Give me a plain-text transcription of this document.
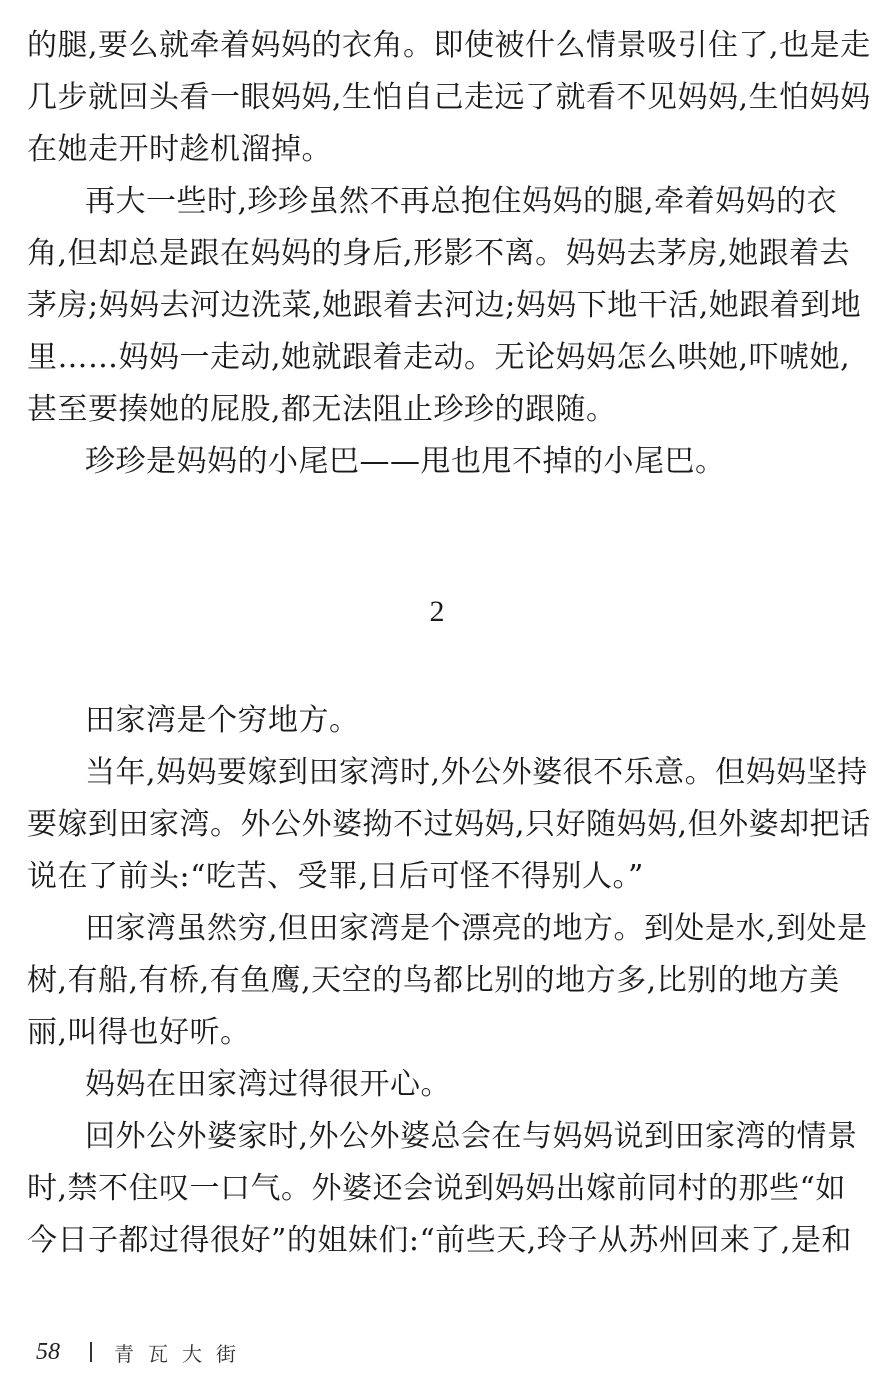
的腿,要么就牵着妈妈的衣角。即使被什么情景吸引住了,也是走
几步就回头看一眼妈妈,生怕自己走远了就看不见妈妈,生怕妈妈
在她走开时趁机溜掉。
再大一些时,珍珍虽然不再总抱住妈妈的腿,牵着妈妈的衣
角,但却总是跟在妈妈的身后,形影不离。妈妈去茅房,她跟着去
茅房;妈妈去河边洗菜,她跟着去河边;妈妈下地干活,她跟着到地
里……妈妈一走动,她就跟着走动。无论妈妈怎么哄她,吓唬她,
甚至要揍她的屁股,都无法阻止珍珍的跟随。
珍珍是妈妈的小尾巴——甩也甩不掉的小尾巴。
2
田家湾是个穷地方。
当年,妈妈要嫁到田家湾时,外公外婆很不乐意。但妈妈坚持
要嫁到田家湾。外公外婆拗不过妈妈,只好随妈妈,但外婆却把话
说在了前头:“吃苦、受罪,日后可怪不得别人。”
田家湾虽然穷,但田家湾是个漂亮的地方。到处是水,到处是
树,有船,有桥,有鱼鹰,天空的鸟都比别的地方多,比别的地方美
丽,叫得也好听。
妈妈在田家湾过得很开心。
回外公外婆家时,外公外婆总会在与妈妈说到田家湾的情景
时,禁不住叹一口气。外婆还会说到妈妈出嫁前同村的那些“如
今日子都过得很好”的姐妹们:“前些天,玲子从苏州回来了,是和
58	青瓦大街
